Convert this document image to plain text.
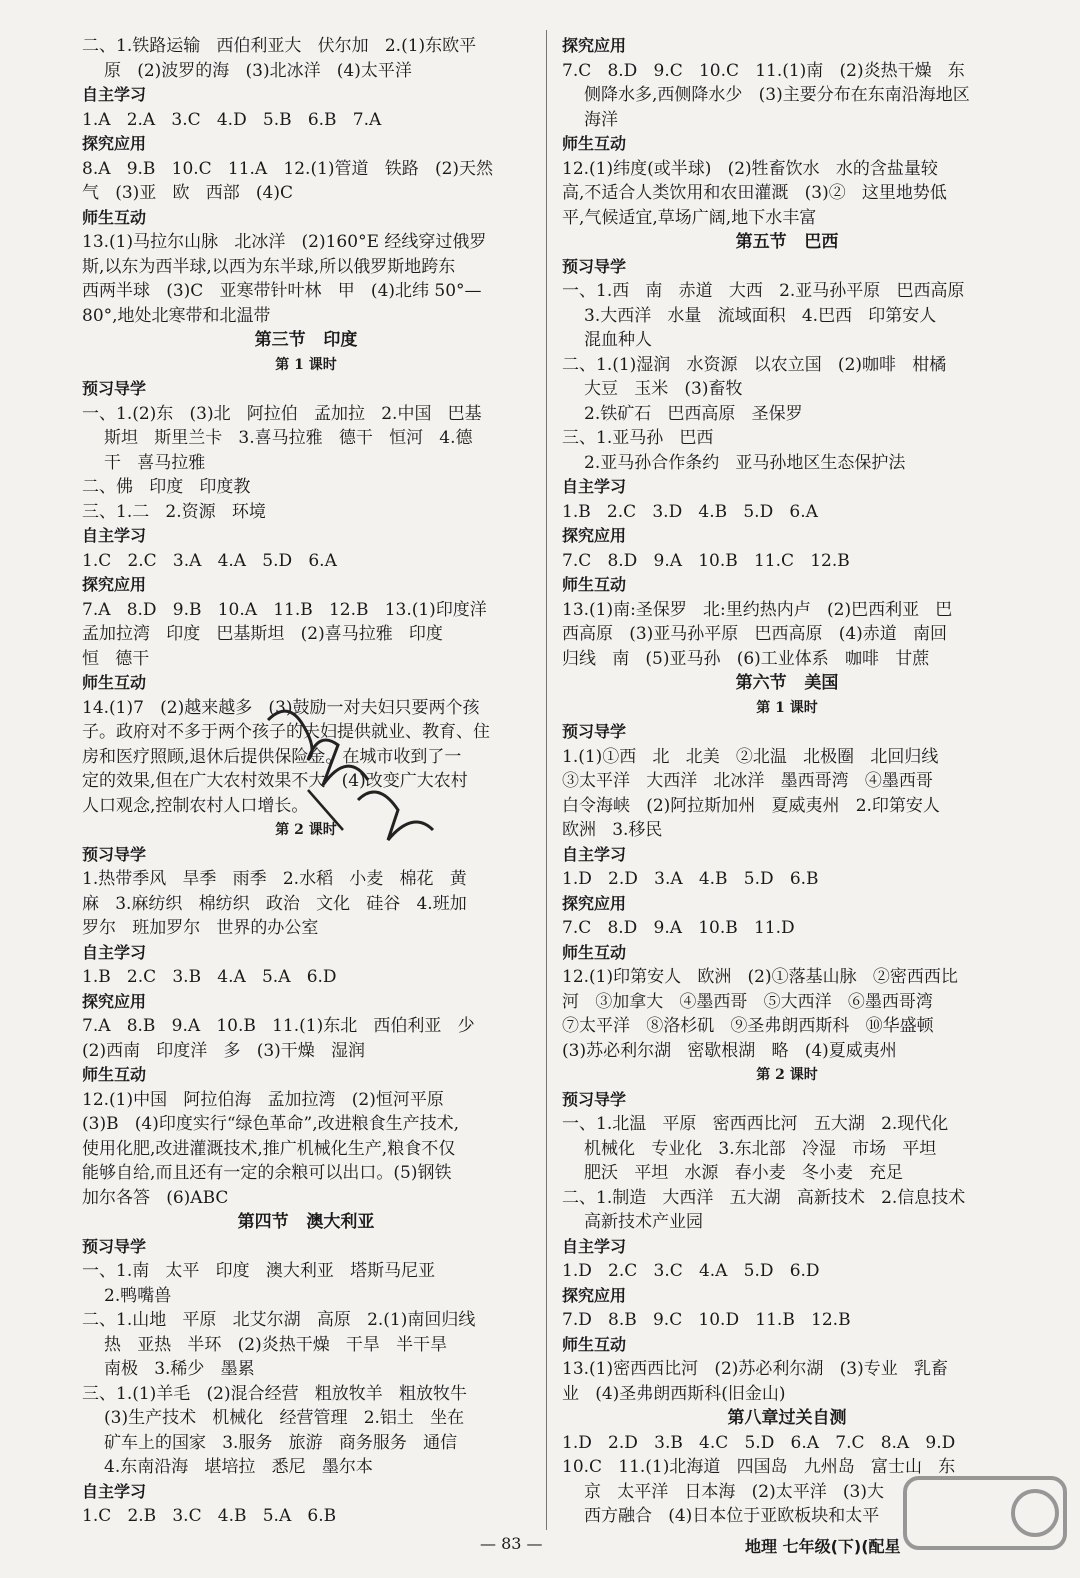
二、1.铁路运输   西伯利亚大   伏尔加   2.(1)东欧平
原   (2)波罗的海   (3)北冰洋   (4)太平洋
自主学习
1.A   2.A   3.C   4.D   5.B   6.B   7.A
探究应用
8.A   9.B   10.C   11.A   12.(1)管道   铁路   (2)天然
气   (3)亚   欧   西部   (4)C
师生互动
13.(1)马拉尔山脉   北冰洋   (2)160°E 经线穿过俄罗
斯,以东为西半球,以西为东半球,所以俄罗斯地跨东
西两半球   (3)C   亚寒带针叶林   甲   (4)北纬 50°—
80°,地处北寒带和北温带
第三节   印度
第 1 课时
预习导学
一、1.(2)东   (3)北   阿拉伯   孟加拉   2.中国   巴基
斯坦   斯里兰卡   3.喜马拉雅   德干   恒河   4.德
干   喜马拉雅
二、佛   印度   印度教
三、1.二   2.资源   环境
自主学习
1.C   2.C   3.A   4.A   5.D   6.A
探究应用
7.A   8.D   9.B   10.A   11.B   12.B   13.(1)印度洋
孟加拉湾   印度   巴基斯坦   (2)喜马拉雅   印度
恒   德干
师生互动
14.(1)7   (2)越来越多   (3)鼓励一对夫妇只要两个孩
子。政府对不多于两个孩子的夫妇提供就业、教育、住
房和医疗照顾,退休后提供保险金。在城市收到了一
定的效果,但在广大农村效果不大   (4)改变广大农村
人口观念,控制农村人口增长。
第 2 课时
预习导学
1.热带季风   旱季   雨季   2.水稻   小麦   棉花   黄
麻   3.麻纺织   棉纺织   政治   文化   硅谷   4.班加
罗尔   班加罗尔   世界的办公室
自主学习
1.B   2.C   3.B   4.A   5.A   6.D
探究应用
7.A   8.B   9.A   10.B   11.(1)东北   西伯利亚   少
(2)西南   印度洋   多   (3)干燥   湿润
师生互动
12.(1)中国   阿拉伯海   孟加拉湾   (2)恒河平原
(3)B   (4)印度实行“绿色革命”,改进粮食生产技术,
使用化肥,改进灌溉技术,推广机械化生产,粮食不仅
能够自给,而且还有一定的余粮可以出口。(5)钢铁
加尔各答   (6)ABC
第四节   澳大利亚
预习导学
一、1.南   太平   印度   澳大利亚   塔斯马尼亚
2.鸭嘴兽
二、1.山地   平原   北艾尔湖   高原   2.(1)南回归线
热   亚热   半环   (2)炎热干燥   干旱   半干旱
南极   3.稀少   墨累
三、1.(1)羊毛   (2)混合经营   粗放牧羊   粗放牧牛
(3)生产技术   机械化   经营管理   2.铝土   坐在
矿车上的国家   3.服务   旅游   商务服务   通信
4.东南沿海   堪培拉   悉尼   墨尔本
自主学习
1.C   2.B   3.C   4.B   5.A   6.B
探究应用
7.C   8.D   9.C   10.C   11.(1)南   (2)炎热干燥   东
侧降水多,西侧降水少   (3)主要分布在东南沿海地区
海洋
师生互动
12.(1)纬度(或半球)   (2)牲畜饮水   水的含盐量较
高,不适合人类饮用和农田灌溉   (3)②   这里地势低
平,气候适宜,草场广阔,地下水丰富
第五节   巴西
预习导学
一、1.西   南   赤道   大西   2.亚马孙平原   巴西高原
3.大西洋   水量   流域面积   4.巴西   印第安人
混血种人
二、1.(1)湿润   水资源   以农立国   (2)咖啡   柑橘
大豆   玉米   (3)畜牧
2.铁矿石   巴西高原   圣保罗
三、1.亚马孙   巴西
2.亚马孙合作条约   亚马孙地区生态保护法
自主学习
1.B   2.C   3.D   4.B   5.D   6.A
探究应用
7.C   8.D   9.A   10.B   11.C   12.B
师生互动
13.(1)南:圣保罗   北:里约热内卢   (2)巴西利亚   巴
西高原   (3)亚马孙平原   巴西高原   (4)赤道   南回
归线   南   (5)亚马孙   (6)工业体系   咖啡   甘蔗
第六节   美国
第 1 课时
预习导学
1.(1)①西   北   北美   ②北温   北极圈   北回归线
③太平洋   大西洋   北冰洋   墨西哥湾   ④墨西哥
白令海峡   (2)阿拉斯加州   夏威夷州   2.印第安人
欧洲   3.移民
自主学习
1.D   2.D   3.A   4.B   5.D   6.B
探究应用
7.C   8.D   9.A   10.B   11.D
师生互动
12.(1)印第安人   欧洲   (2)①落基山脉   ②密西西比
河   ③加拿大   ④墨西哥   ⑤大西洋   ⑥墨西哥湾
⑦太平洋   ⑧洛杉矶   ⑨圣弗朗西斯科   ⑩华盛顿
(3)苏必利尔湖   密歇根湖   略   (4)夏威夷州
第 2 课时
预习导学
一、1.北温   平原   密西西比河   五大湖   2.现代化
机械化   专业化   3.东北部   冷湿   市场   平坦
肥沃   平坦   水源   春小麦   冬小麦   充足
二、1.制造   大西洋   五大湖   高新技术   2.信息技术
高新技术产业园
自主学习
1.D   2.C   3.C   4.A   5.D   6.D
探究应用
7.D   8.B   9.C   10.D   11.B   12.B
师生互动
13.(1)密西西比河   (2)苏必利尔湖   (3)专业   乳畜
业   (4)圣弗朗西斯科(旧金山)
第八章过关自测
1.D   2.D   3.B   4.C   5.D   6.A   7.C   8.A   9.D
10.C   11.(1)北海道   四国岛   九州岛   富士山   东
京   太平洋   日本海   (2)太平洋   (3)大
西方融合   (4)日本位于亚欧板块和太平
— 83 —	地理 七年级(下)(配星
